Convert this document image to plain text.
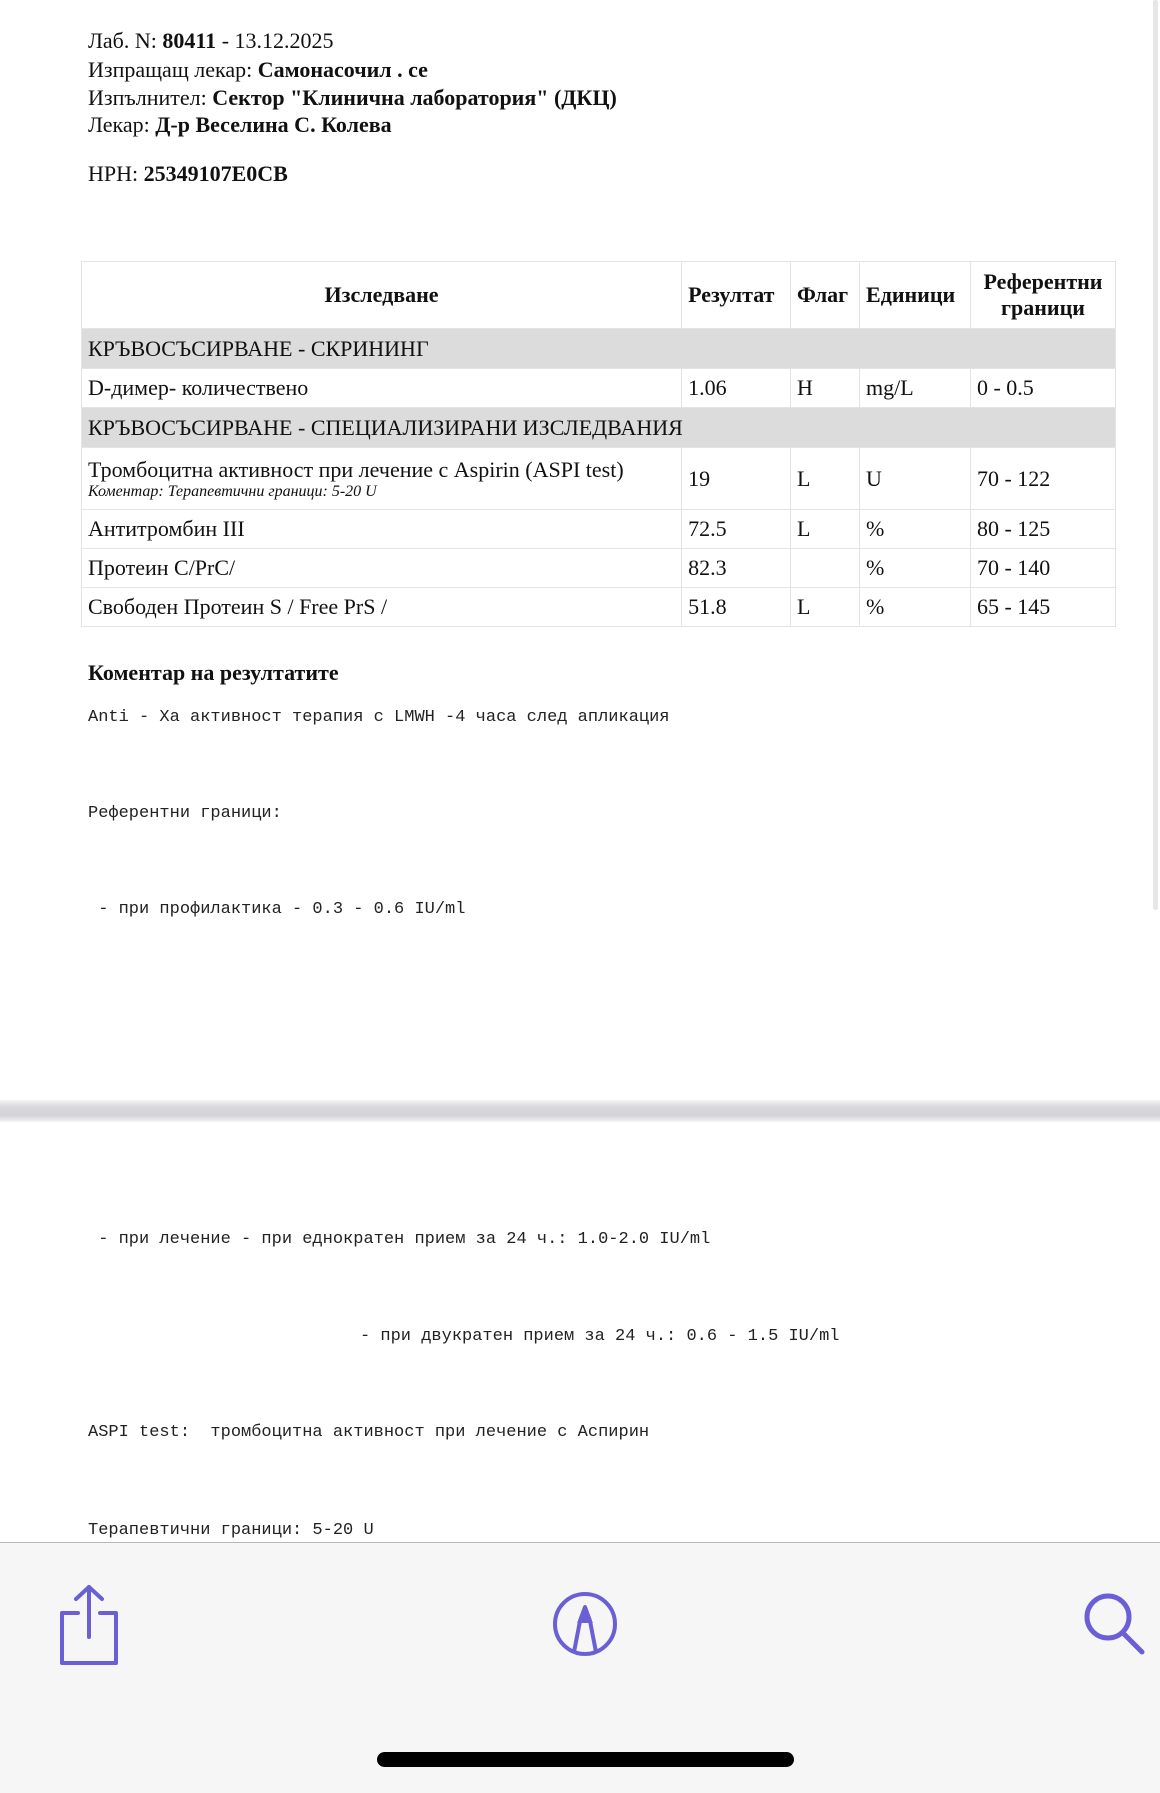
Лаб. N: 80411 - 13.12.2025
Изпращащ лекар: Самонасочил . се
Изпълнител: Сектор "Клинична лаборатория" (ДКЦ)
Лекар: Д-р Веселина С. Колева
НРН: 25349107E0CB
Изследване	Резултат	Флаг	Единици	Референтни граници
КРЪВОСЪСИРВАНЕ - СКРИНИНГ				
D-димер- количествено	1.06	H	mg/L	0 - 0.5
КРЪВОСЪСИРВАНЕ - СПЕЦИАЛИЗИРАНИ ИЗСЛЕДВАНИЯ				
Тромбоцитна активност при лечение с Aspirin (ASPI test)
Коментар: Терапевтични граници: 5-20 U	19	L	U	70 - 122
Антитромбин III	72.5	L	%	80 - 125
Протеин C/PrC/	82.3		%	70 - 140
Свободен Протеин S / Free PrS /	51.8	L	%	65 - 145
Коментар на резултатите
Anti - Xa активност терапия с LMWH -4 часа след апликация
Референтни граници:
- при профилактика - 0.3 - 0.6 IU/ml
- при лечение - при еднократен прием за 24 ч.: 1.0-2.0 IU/ml
- при двукратен прием за 24 ч.: 0.6 - 1.5 IU/ml
ASPI test:  тромбоцитна активност при лечение с Аспирин
Терапевтични граници: 5-20 U
